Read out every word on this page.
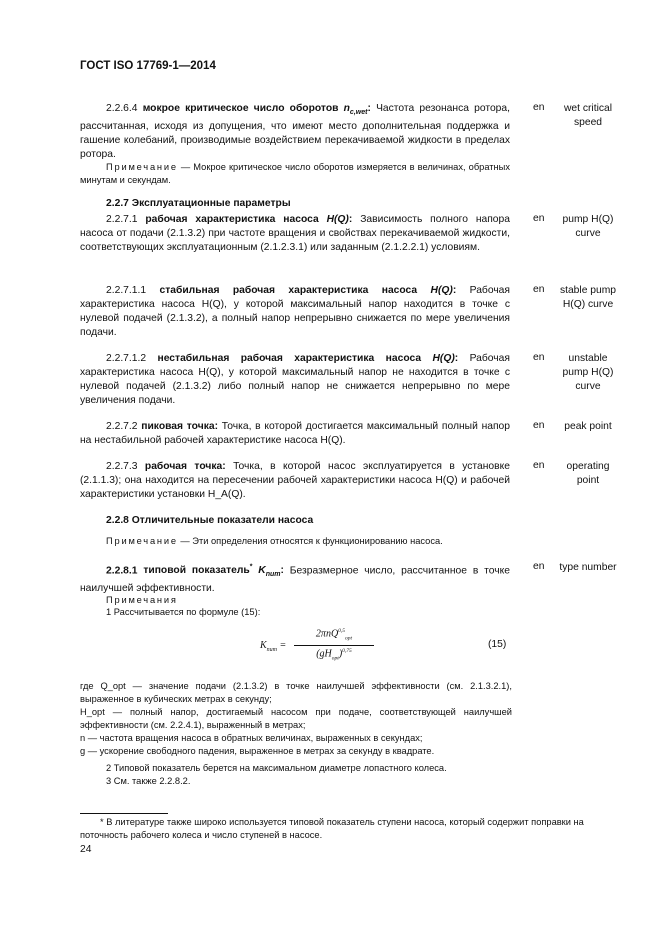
ГОСТ ISO 17769-1—2014
2.2.6.4 мокрое критическое число оборотов $n_{c,wet}$: Частота резонанса ротора, рассчитанная, исходя из допущения, что имеют место дополнительная поддержка и гашение колебаний, производимые воздействием перекачиваемой жидкости в пределах ротора.
en	wet critical speed
Примечание — Мокрое критическое число оборотов измеряется в величинах, обратных минутам и секундам.
2.2.7 Эксплуатационные параметры
2.2.7.1 рабочая характеристика насоса H(Q): Зависимость полного напора насоса от подачи (2.1.3.2) при частоте вращения и свойствах перекачиваемой жидкости, соответствующих эксплуатационным (2.1.2.3.1) или заданным (2.1.2.2.1) условиям.
en	pump H(Q) curve
2.2.7.1.1 стабильная рабочая характеристика насоса H(Q): Рабочая характеристика насоса H(Q), у которой максимальный напор находится в точке с нулевой подачей (2.1.3.2), а полный напор непрерывно снижается по мере увеличения подачи.
en	stable pump H(Q) curve
2.2.7.1.2 нестабильная рабочая характеристика насоса H(Q): Рабочая характеристика насоса H(Q), у которой максимальный напор не находится в точке с нулевой подачей (2.1.3.2) либо полный напор не снижается непрерывно по мере увеличения подачи.
en	unstable pump H(Q) curve
2.2.7.2 пиковая точка: Точка, в которой достигается максимальный полный напор на нестабильной рабочей характеристике насоса H(Q).
en	peak point
2.2.7.3 рабочая точка: Точка, в которой насос эксплуатируется в установке (2.1.1.3); она находится на пересечении рабочей характеристики насоса H(Q) и рабочей характеристики установки H_A(Q).
en	operating point
2.2.8 Отличительные показатели насоса
Примечание — Эти определения относятся к функционированию насоса.
2.2.8.1 типовой показатель* $K_{num}$: Безразмерное число, рассчитанное в точке наилучшей эффективности.
en	type number
Примечания
1 Рассчитывается по формуле (15):
$K_{num}$ =
2πnQ$^{0,5}_{opt}$
$(gH_{opt})^{0,75}$
(15)
где Q_opt — значение подачи (2.1.3.2) в точке наилучшей эффективности (см. 2.1.3.2.1), выраженное в кубических метрах в секунду;
H_opt — полный напор, достигаемый насосом при подаче, соответствующей наилучшей эффективности (см. 2.2.4.1), выраженный в метрах;
n — частота вращения насоса в обратных величинах, выраженных в секундах;
g — ускорение свободного падения, выраженное в метрах за секунду в квадрате.
2 Типовой показатель берется на максимальном диаметре лопастного колеса.
3 См. также 2.2.8.2.
* В литературе также широко используется типовой показатель ступени насоса, который содержит поправки на поточность рабочего колеса и число ступеней в насосе.
24
